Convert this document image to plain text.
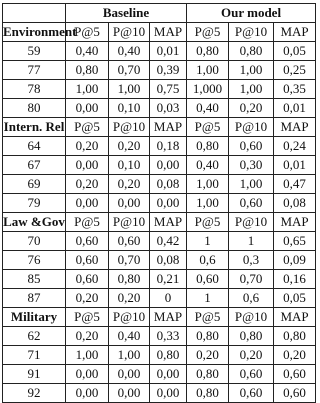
	Baseline			Our model		
Environment	P@5	P@10	MAP	P@5	P@10	MAP
59	0,40	0,40	0,01	0,80	0,80	0,05
77	0,80	0,70	0,39	1,00	1,00	0,25
78	1,00	1,00	0,75	1,000	1,00	0,35
80	0,00	0,10	0,03	0,40	0,20	0,01
Intern. Rel	P@5	P@10	MAP	P@5	P@10	MAP
64	0,20	0,20	0,18	0,80	0,60	0,24
67	0,00	0,10	0,00	0,40	0,30	0,01
69	0,20	0,20	0,08	1,00	1,00	0,47
79	0,00	0,00	0,00	1,00	0,60	0,08
Law &Gov	P@5	P@10	MAP	P@5	P@10	MAP
70	0,60	0,60	0,42	1	1	0,65
76	0,60	0,70	0,08	0,6	0,3	0,09
85	0,60	0,80	0,21	0,60	0,70	0,16
87	0,20	0,20	0	1	0,6	0,05
Military	P@5	P@10	MAP	P@5	P@10	MAP
62	0,20	0,40	0,33	0,80	0,80	0,80
71	1,00	1,00	0,80	0,20	0,20	0,20
91	0,00	0,00	0,00	0,80	0,60	0,60
92	0,00	0,00	0,00	0,80	0,60	0,60
